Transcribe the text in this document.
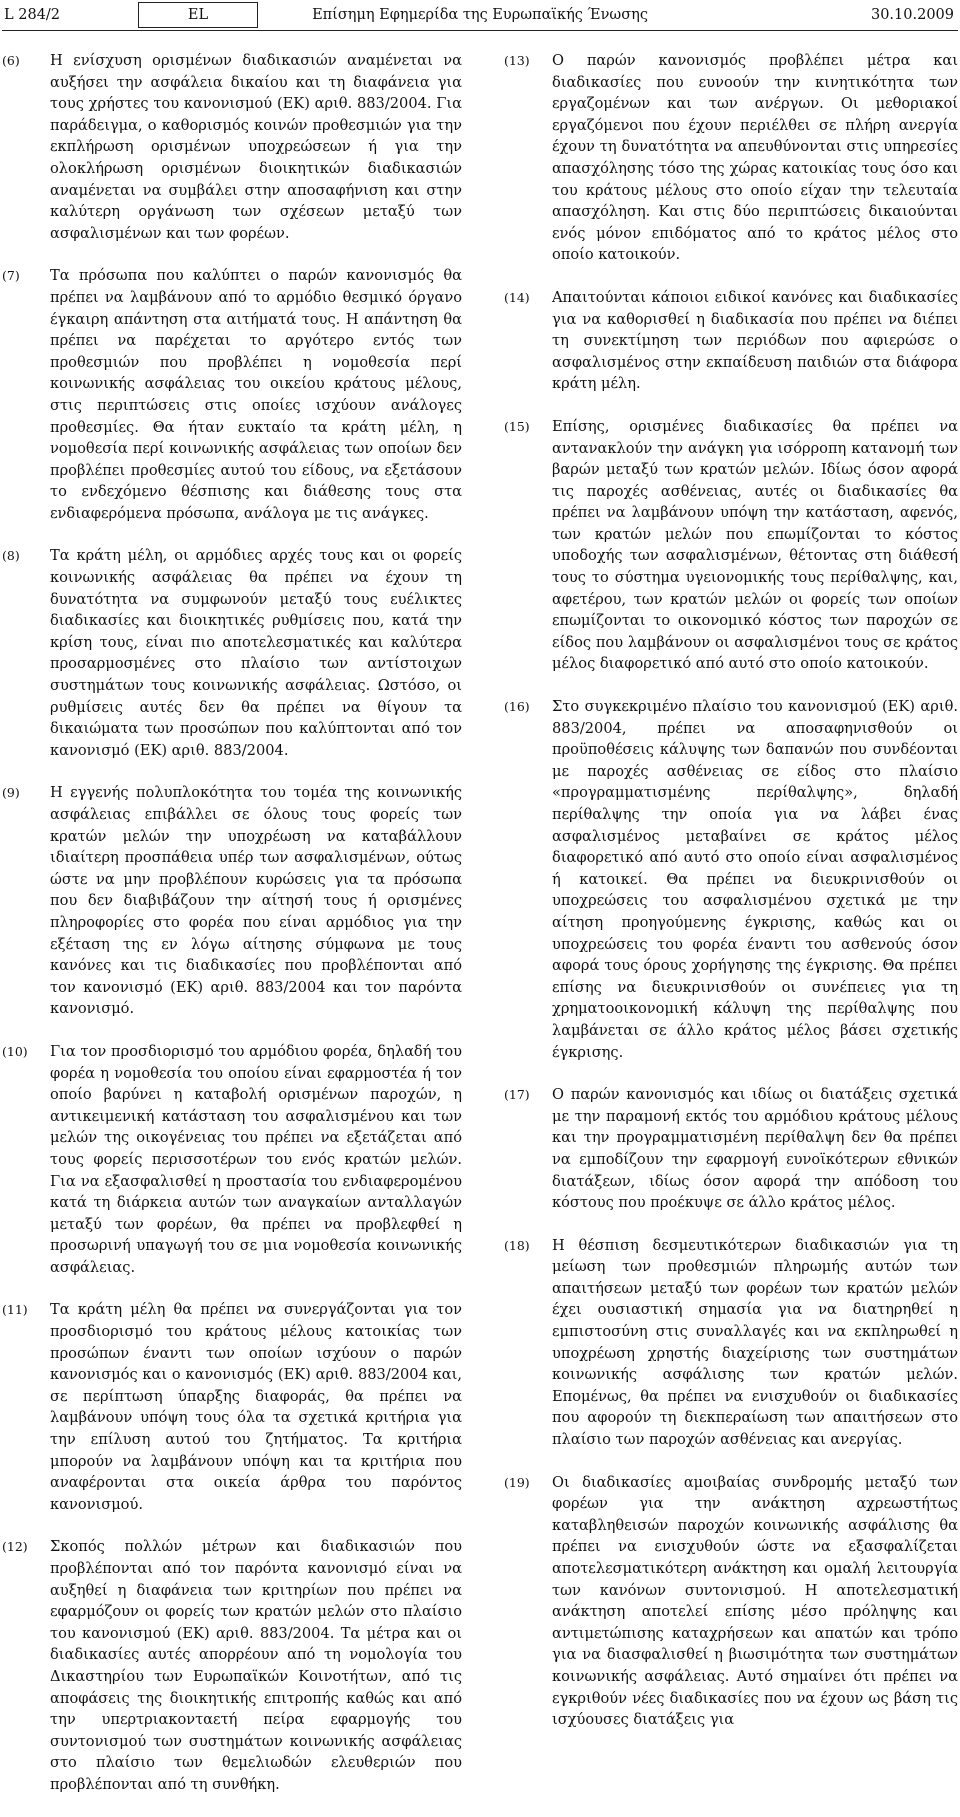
L 284/2	EL	Επίσημη Εφημερίδα της Ευρωπαϊκής Ένωσης	30.10.2009
(6) Η ενίσχυση ορισμένων διαδικασιών αναμένεται να αυξήσει την ασφάλεια δικαίου και τη διαφάνεια για τους χρήστες του κανονισμού (ΕΚ) αριθ. 883/2004. Για παράδειγμα, ο καθορισμός κοινών προθεσμιών για την εκπλήρωση ορισμένων υποχρεώσεων ή για την ολοκλήρωση ορισμένων διοικητικών διαδικασιών αναμένεται να συμβάλει στην αποσαφήνιση και στην καλύτερη οργάνωση των σχέσεων μεταξύ των ασφαλισμένων και των φορέων.

(7) Τα πρόσωπα που καλύπτει ο παρών κανονισμός θα πρέπει να λαμβάνουν από το αρμόδιο θεσμικό όργανο έγκαιρη απάντηση στα αιτήματά τους. Η απάντηση θα πρέπει να παρέχεται το αργότερο εντός των προθεσμιών που προβλέπει η νομοθεσία περί κοινωνικής ασφάλειας του οικείου κράτους μέλους, στις περιπτώσεις στις οποίες ισχύουν ανάλογες προθεσμίες. Θα ήταν ευκταίο τα κράτη μέλη, η νομοθεσία περί κοινωνικής ασφάλειας των οποίων δεν προβλέπει προθεσμίες αυτού του είδους, να εξετάσουν το ενδεχόμενο θέσπισης και διάθεσης τους στα ενδιαφερόμενα πρόσωπα, ανάλογα με τις ανάγκες.

(8) Τα κράτη μέλη, οι αρμόδιες αρχές τους και οι φορείς κοινωνικής ασφάλειας θα πρέπει να έχουν τη δυνατότητα να συμφωνούν μεταξύ τους ευέλικτες διαδικασίες και διοικητικές ρυθμίσεις που, κατά την κρίση τους, είναι πιο αποτελεσματικές και καλύτερα προσαρμοσμένες στο πλαίσιο των αντίστοιχων συστημάτων τους κοινωνικής ασφάλειας. Ωστόσο, οι ρυθμίσεις αυτές δεν θα πρέπει να θίγουν τα δικαιώματα των προσώπων που καλύπτονται από τον κανονισμό (ΕΚ) αριθ. 883/2004.

(9) Η εγγενής πολυπλοκότητα του τομέα της κοινωνικής ασφάλειας επιβάλλει σε όλους τους φορείς των κρατών μελών την υποχρέωση να καταβάλλουν ιδιαίτερη προσπάθεια υπέρ των ασφαλισμένων, ούτως ώστε να μην προβλέπουν κυρώσεις για τα πρόσωπα που δεν διαβιβάζουν την αίτησή τους ή ορισμένες πληροφορίες στο φορέα που είναι αρμόδιος για την εξέταση της εν λόγω αίτησης σύμφωνα με τους κανόνες και τις διαδικασίες που προβλέπονται από τον κανονισμό (ΕΚ) αριθ. 883/2004 και τον παρόντα κανονισμό.

(10) Για τον προσδιορισμό του αρμόδιου φορέα, δηλαδή του φορέα η νομοθεσία του οποίου είναι εφαρμοστέα ή τον οποίο βαρύνει η καταβολή ορισμένων παροχών, η αντικειμενική κατάσταση του ασφαλισμένου και των μελών της οικογένειας του πρέπει να εξετάζεται από τους φορείς περισσοτέρων του ενός κρατών μελών. Για να εξασφαλισθεί η προστασία του ενδιαφερομένου κατά τη διάρκεια αυτών των αναγκαίων ανταλλαγών μεταξύ των φορέων, θα πρέπει να προβλεφθεί η προσωρινή υπαγωγή του σε μια νομοθεσία κοινωνικής ασφάλειας.

(11) Τα κράτη μέλη θα πρέπει να συνεργάζονται για τον προσδιορισμό του κράτους μέλους κατοικίας των προσώπων έναντι των οποίων ισχύουν ο παρών κανονισμός και ο κανονισμός (ΕΚ) αριθ. 883/2004 και, σε περίπτωση ύπαρξης διαφοράς, θα πρέπει να λαμβάνουν υπόψη τους όλα τα σχετικά κριτήρια για την επίλυση αυτού του ζητήματος. Τα κριτήρια μπορούν να λαμβάνουν υπόψη και τα κριτήρια που αναφέρονται στα οικεία άρθρα του παρόντος κανονισμού.

(12) Σκοπός πολλών μέτρων και διαδικασιών που προβλέπονται από τον παρόντα κανονισμό είναι να αυξηθεί η διαφάνεια των κριτηρίων που πρέπει να εφαρμόζουν οι φορείς των κρατών μελών στο πλαίσιο του κανονισμού (ΕΚ) αριθ. 883/2004. Τα μέτρα και οι διαδικασίες αυτές απορρέουν από τη νομολογία του Δικαστηρίου των Ευρωπαϊκών Κοινοτήτων, από τις αποφάσεις της διοικητικής επιτροπής καθώς και από την υπερτριακονταετή πείρα εφαρμογής του συντονισμού των συστημάτων κοινωνικής ασφάλειας στο πλαίσιο των θεμελιωδών ελευθεριών που προβλέπονται από τη συνθήκη.

(13) Ο παρών κανονισμός προβλέπει μέτρα και διαδικασίες που ευνοούν την κινητικότητα των εργαζομένων και των ανέργων. Οι μεθοριακοί εργαζόμενοι που έχουν περιέλθει σε πλήρη ανεργία έχουν τη δυνατότητα να απευθύνονται στις υπηρεσίες απασχόλησης τόσο της χώρας κατοικίας τους όσο και του κράτους μέλους στο οποίο είχαν την τελευταία απασχόληση. Και στις δύο περιπτώσεις δικαιούνται ενός μόνον επιδόματος από το κράτος μέλος στο οποίο κατοικούν.

(14) Απαιτούνται κάποιοι ειδικοί κανόνες και διαδικασίες για να καθορισθεί η διαδικασία που πρέπει να διέπει τη συνεκτίμηση των περιόδων που αφιερώσε ο ασφαλισμένος στην εκπαίδευση παιδιών στα διάφορα κράτη μέλη.

(15) Επίσης, ορισμένες διαδικασίες θα πρέπει να αντανακλούν την ανάγκη για ισόρροπη κατανομή των βαρών μεταξύ των κρατών μελών. Ιδίως όσον αφορά τις παροχές ασθένειας, αυτές οι διαδικασίες θα πρέπει να λαμβάνουν υπόψη την κατάσταση, αφενός, των κρατών μελών που επωμίζονται το κόστος υποδοχής των ασφαλισμένων, θέτοντας στη διάθεσή τους το σύστημα υγειονομικής τους περίθαλψης, και, αφετέρου, των κρατών μελών οι φορείς των οποίων επωμίζονται το οικονομικό κόστος των παροχών σε είδος που λαμβάνουν οι ασφαλισμένοι τους σε κράτος μέλος διαφορετικό από αυτό στο οποίο κατοικούν.

(16) Στο συγκεκριμένο πλαίσιο του κανονισμού (ΕΚ) αριθ. 883/2004, πρέπει να αποσαφηνισθούν οι προϋποθέσεις κάλυψης των δαπανών που συνδέονται με παροχές ασθένειας σε είδος στο πλαίσιο «προγραμματισμένης περίθαλψης», δηλαδή περίθαλψης την οποία για να λάβει ένας ασφαλισμένος μεταβαίνει σε κράτος μέλος διαφορετικό από αυτό στο οποίο είναι ασφαλισμένος ή κατοικεί. Θα πρέπει να διευκρινισθούν οι υποχρεώσεις του ασφαλισμένου σχετικά με την αίτηση προηγούμενης έγκρισης, καθώς και οι υποχρεώσεις του φορέα έναντι του ασθενούς όσον αφορά τους όρους χορήγησης της έγκρισης. Θα πρέπει επίσης να διευκρινισθούν οι συνέπειες για τη χρηματοοικονομική κάλυψη της περίθαλψης που λαμβάνεται σε άλλο κράτος μέλος βάσει σχετικής έγκρισης.

(17) Ο παρών κανονισμός και ιδίως οι διατάξεις σχετικά με την παραμονή εκτός του αρμόδιου κράτους μέλους και την προγραμματισμένη περίθαλψη δεν θα πρέπει να εμποδίζουν την εφαρμογή ευνοϊκότερων εθνικών διατάξεων, ιδίως όσον αφορά την απόδοση του κόστους που προέκυψε σε άλλο κράτος μέλος.

(18) Η θέσπιση δεσμευτικότερων διαδικασιών για τη μείωση των προθεσμιών πληρωμής αυτών των απαιτήσεων μεταξύ των φορέων των κρατών μελών έχει ουσιαστική σημασία για να διατηρηθεί η εμπιστοσύνη στις συναλλαγές και να εκπληρωθεί η υποχρέωση χρηστής διαχείρισης των συστημάτων κοινωνικής ασφάλισης των κρατών μελών. Επομένως, θα πρέπει να ενισχυθούν οι διαδικασίες που αφορούν τη διεκπεραίωση των απαιτήσεων στο πλαίσιο των παροχών ασθένειας και ανεργίας.

(19) Οι διαδικασίες αμοιβαίας συνδρομής μεταξύ των φορέων για την ανάκτηση αχρεωστήτως καταβληθεισών παροχών κοινωνικής ασφάλισης θα πρέπει να ενισχυθούν ώστε να εξασφαλίζεται αποτελεσματικότερη ανάκτηση και ομαλή λειτουργία των κανόνων συντονισμού. Η αποτελεσματική ανάκτηση αποτελεί επίσης μέσο πρόληψης και αντιμετώπισης καταχρήσεων και απατών και τρόπο για να διασφαλισθεί η βιωσιμότητα των συστημάτων κοινωνικής ασφάλειας. Αυτό σημαίνει ότι πρέπει να εγκριθούν νέες διαδικασίες που να έχουν ως βάση τις ισχύουσες διατάξεις για
